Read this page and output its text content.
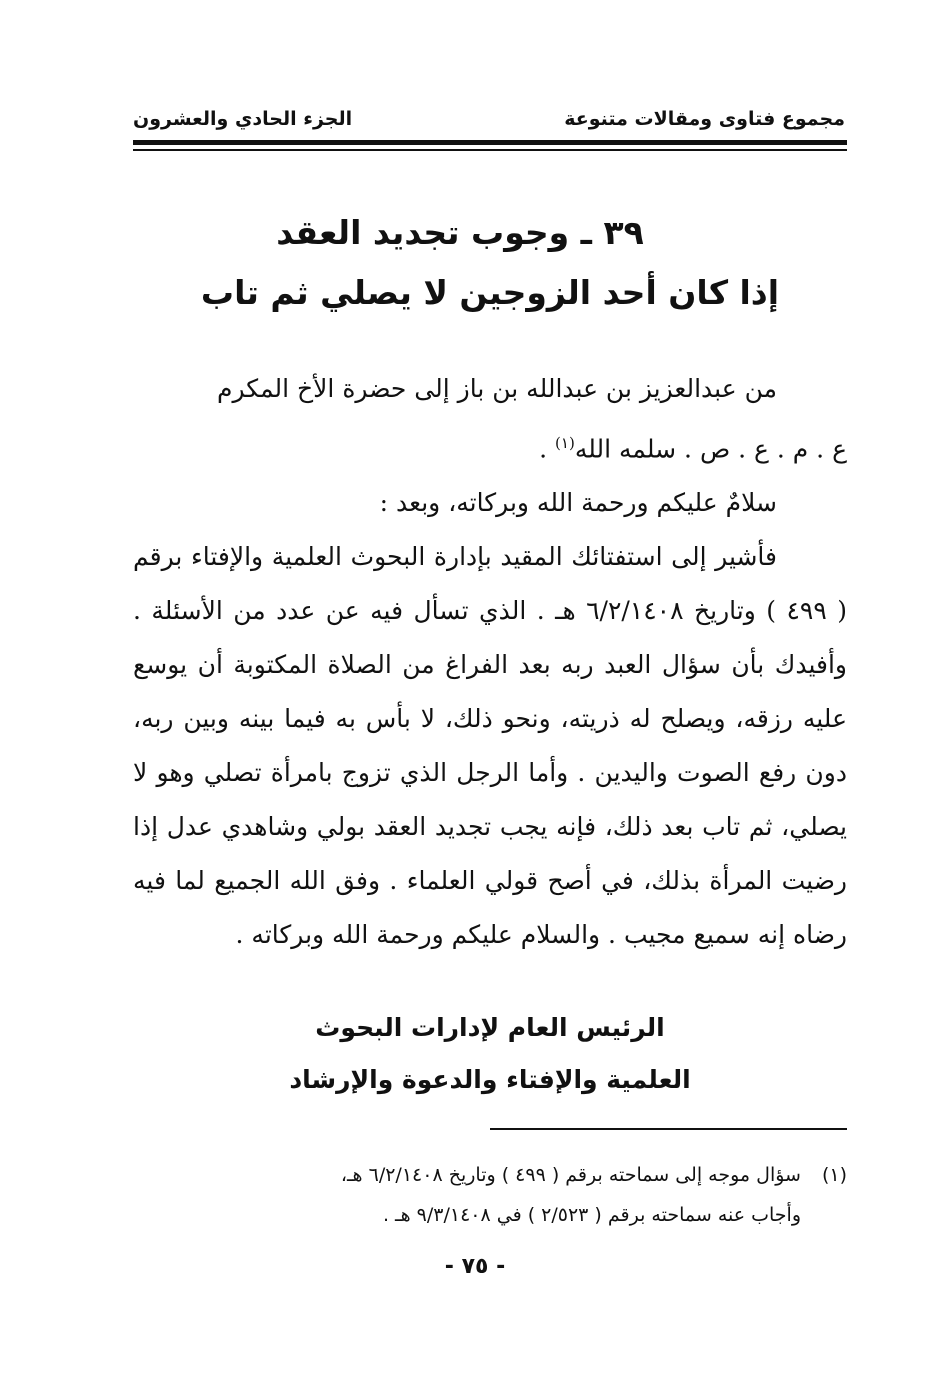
مجموع فتاوى ومقالات متنوعة
الجزء الحادي والعشرون
٣٩ ـ وجوب تجديد العقد
إذا كان أحد الزوجين لا يصلي ثم تاب

من عبدالعزيز بن عبدالله بن باز إلى حضرة الأخ المكرم

ع . م . ع . ص . سلمه الله$^{(١)}$ .

سلامٌ عليكم ورحمة الله وبركاته، وبعد :

فأشير إلى استفتائك المقيد بإدارة البحوث العلمية والإفتاء برقم ( ٤٩٩ ) وتاريخ ٦/٢/١٤٠٨ هـ . الذي تسأل فيه عن عدد من الأسئلة . وأفيدك بأن سؤال العبد ربه بعد الفراغ من الصلاة المكتوبة أن يوسع عليه رزقه، ويصلح له ذريته، ونحو ذلك، لا بأس به فيما بينه وبين ربه، دون رفع الصوت واليدين . وأما الرجل الذي تزوج بامرأة تصلي وهو لا يصلي، ثم تاب بعد ذلك، فإنه يجب تجديد العقد بولي وشاهدي عدل إذا رضيت المرأة بذلك، في أصح قولي العلماء . وفق الله الجميع لما فيه رضاه إنه سميع مجيب . والسلام عليكم ورحمة الله وبركاته .

الرئيس العام لإدارات البحوث
العلمية والإفتاء والدعوة والإرشاد
(١) سؤال موجه إلى سماحته برقم ( ٤٩٩ ) وتاريخ ٦/٢/١٤٠٨ هـ،
وأجاب عنه سماحته برقم ( ٢/٥٢٣ ) في ٩/٣/١٤٠٨ هـ .
- ٧٥ -
